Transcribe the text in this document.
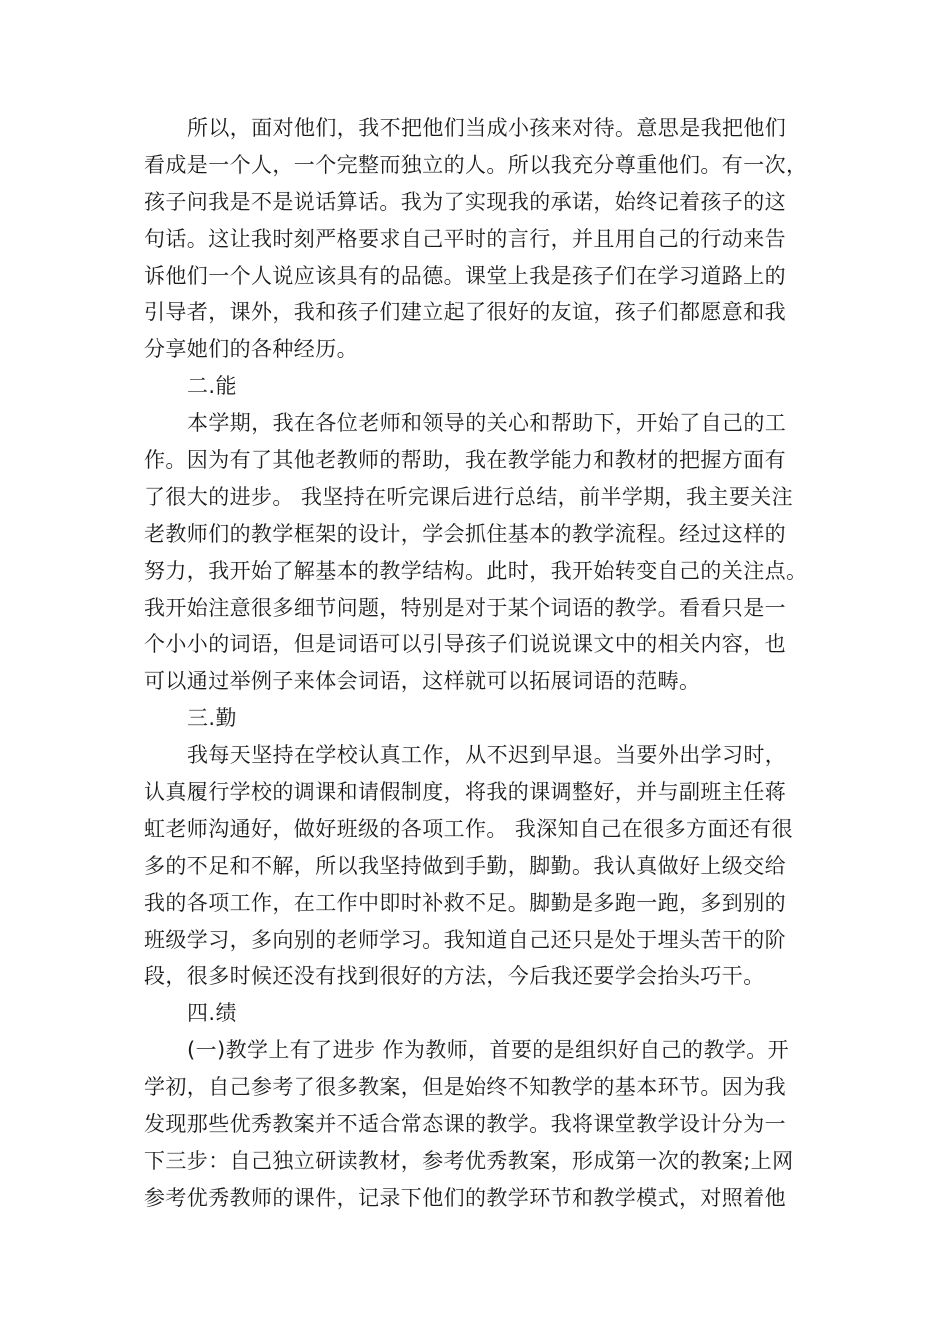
所以，面对他们，我不把他们当成小孩来对待。意思是我把他们
看成是一个人，一个完整而独立的人。所以我充分尊重他们。有一次，
孩子问我是不是说话算话。我为了实现我的承诺，始终记着孩子的这
句话。这让我时刻严格要求自己平时的言行，并且用自己的行动来告
诉他们一个人说应该具有的品德。课堂上我是孩子们在学习道路上的
引导者，课外，我和孩子们建立起了很好的友谊，孩子们都愿意和我
分享她们的各种经历。
二.能
本学期，我在各位老师和领导的关心和帮助下，开始了自己的工
作。因为有了其他老教师的帮助，我在教学能力和教材的把握方面有
了很大的进步。 我坚持在听完课后进行总结，前半学期，我主要关注
老教师们的教学框架的设计，学会抓住基本的教学流程。经过这样的
努力，我开始了解基本的教学结构。此时，我开始转变自己的关注点。
我开始注意很多细节问题，特别是对于某个词语的教学。看看只是一
个小小的词语，但是词语可以引导孩子们说说课文中的相关内容，也
可以通过举例子来体会词语，这样就可以拓展词语的范畴。
三.勤
我每天坚持在学校认真工作，从不迟到早退。当要外出学习时，
认真履行学校的调课和请假制度，将我的课调整好，并与副班主任蒋
虹老师沟通好，做好班级的各项工作。 我深知自己在很多方面还有很
多的不足和不解，所以我坚持做到手勤，脚勤。我认真做好上级交给
我的各项工作，在工作中即时补救不足。脚勤是多跑一跑，多到别的
班级学习，多向别的老师学习。我知道自己还只是处于埋头苦干的阶
段，很多时候还没有找到很好的方法，今后我还要学会抬头巧干。
四.绩
(一)教学上有了进步 作为教师，首要的是组织好自己的教学。开
学初，自己参考了很多教案，但是始终不知教学的基本环节。因为我
发现那些优秀教案并不适合常态课的教学。我将课堂教学设计分为一
下三步：自己独立研读教材，参考优秀教案，形成第一次的教案;上网
参考优秀教师的课件，记录下他们的教学环节和教学模式，对照着他
